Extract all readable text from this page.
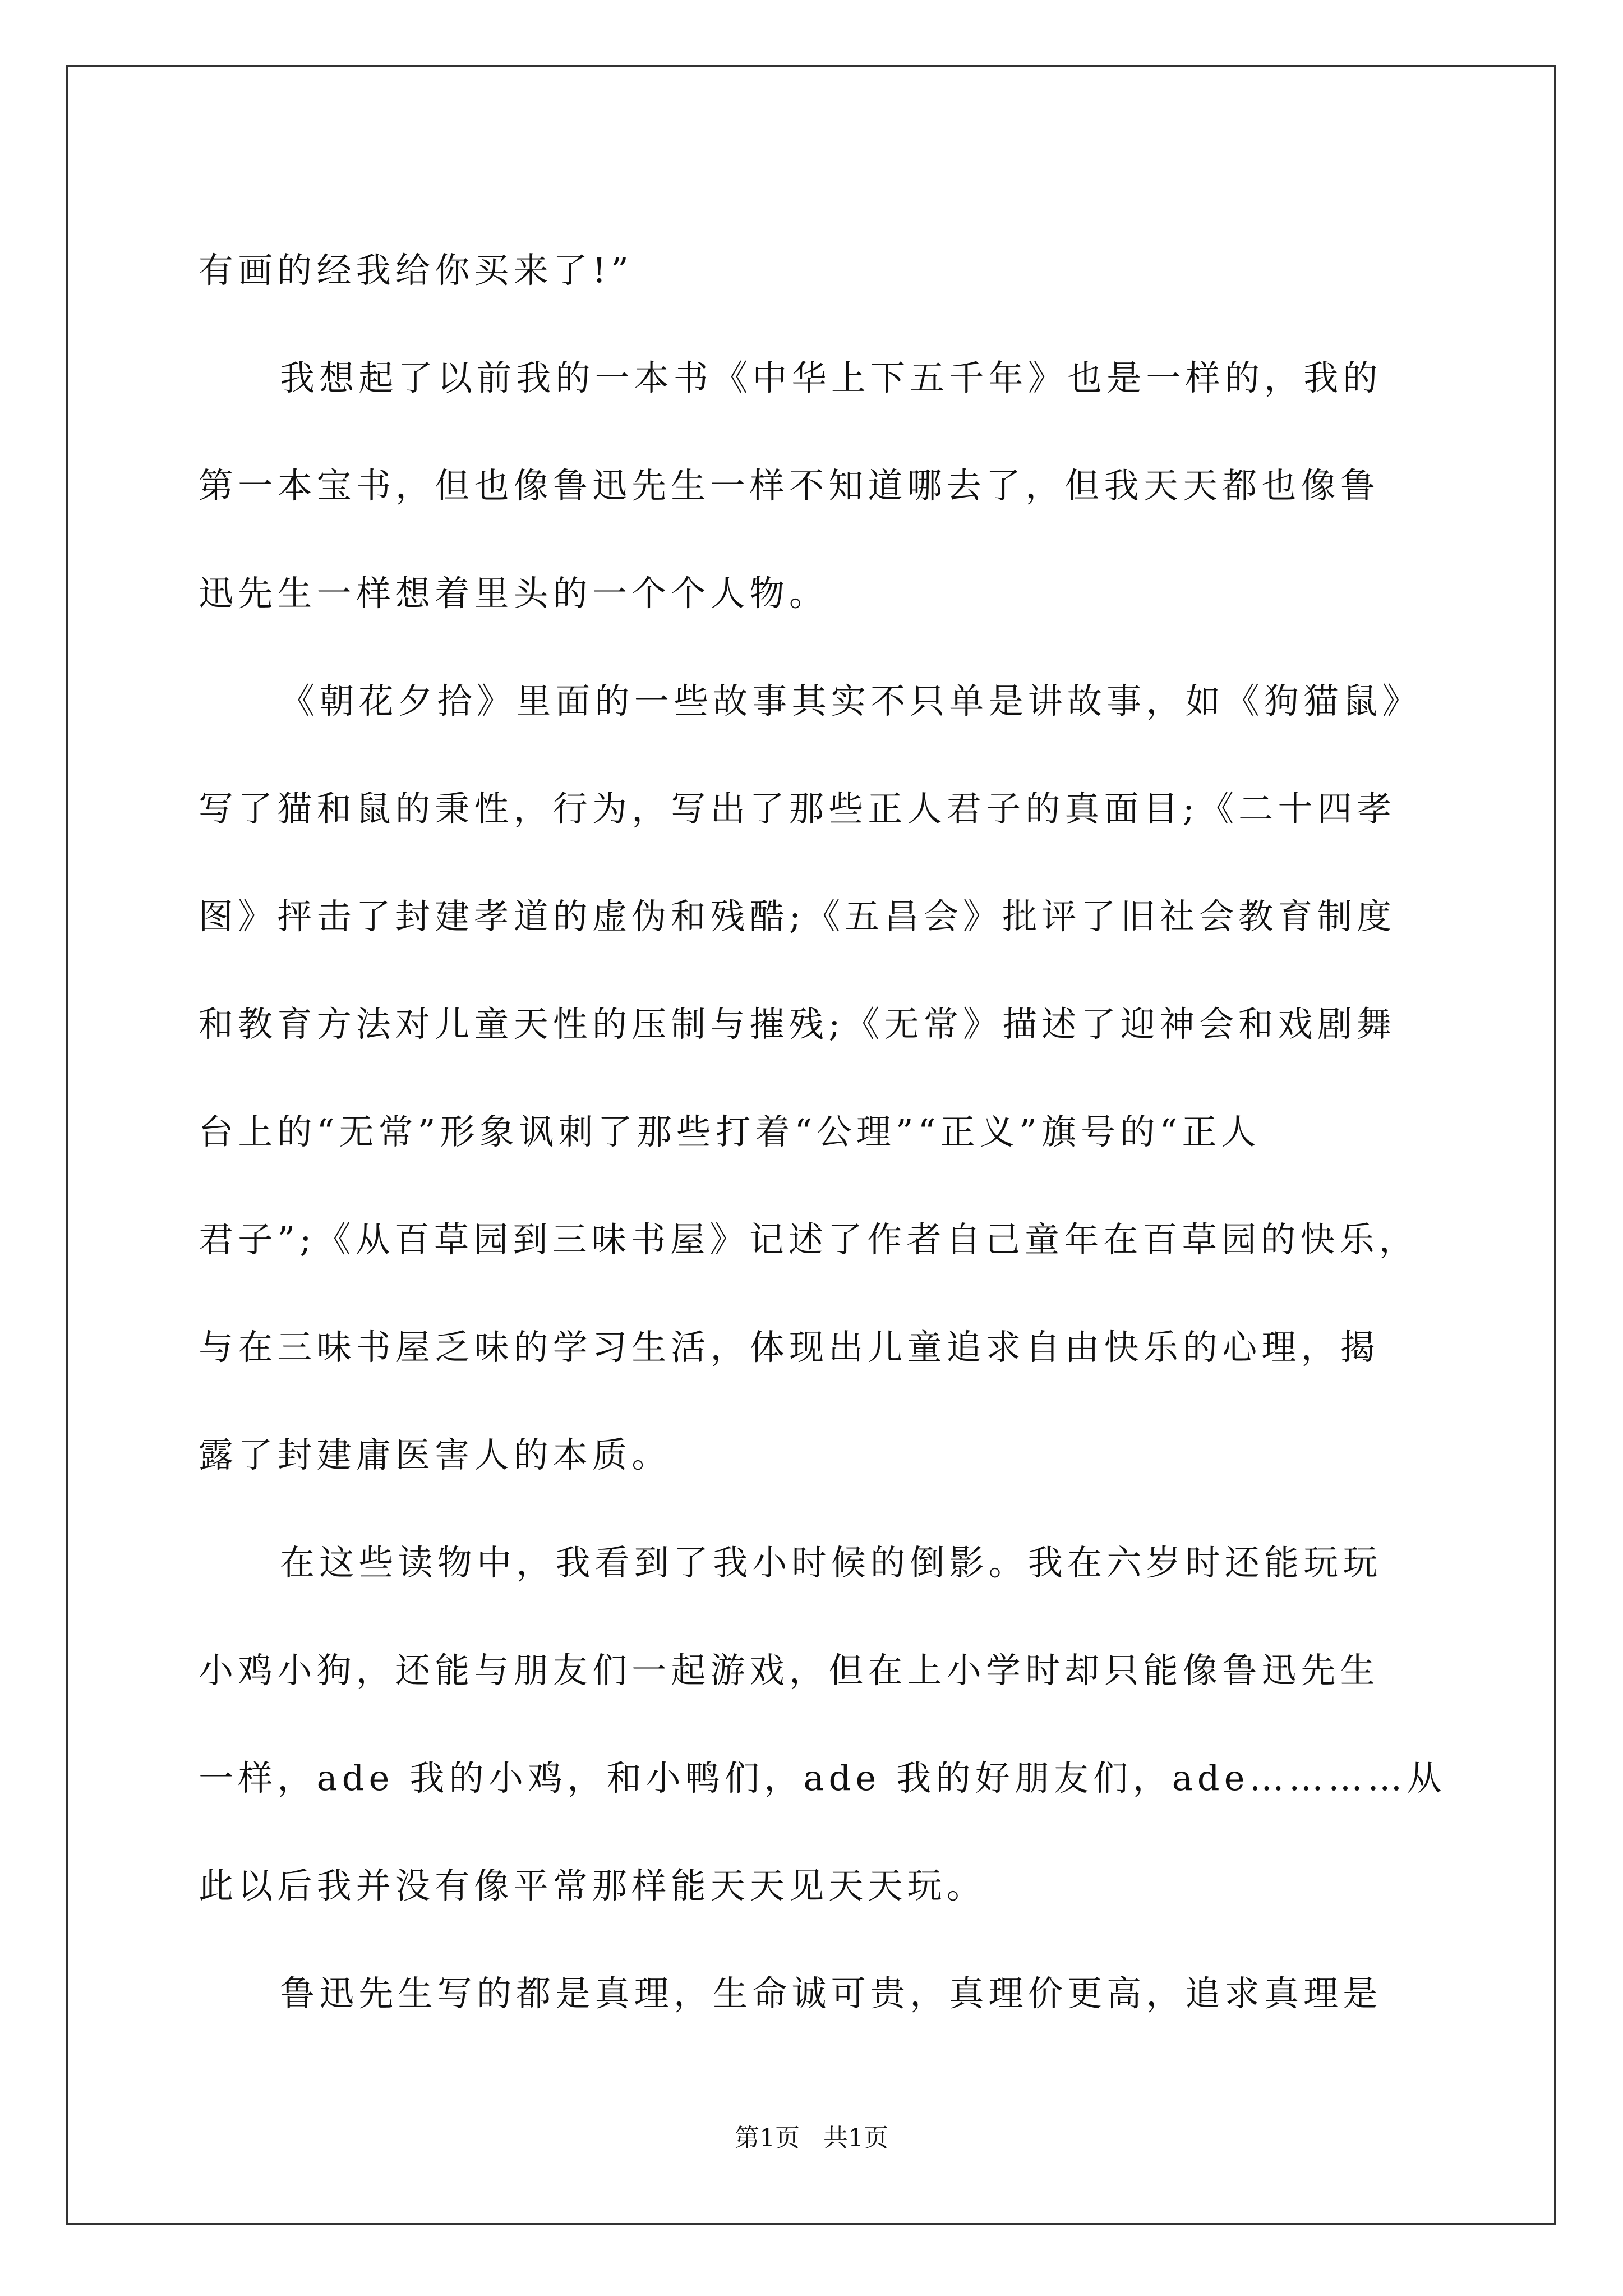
有画的经我给你买来了!”
我想起了以前我的一本书《中华上下五千年》也是一样的，我的
第一本宝书，但也像鲁迅先生一样不知道哪去了，但我天天都也像鲁
迅先生一样想着里头的一个个人物。
《朝花夕拾》里面的一些故事其实不只单是讲故事，如《狗猫鼠》
写了猫和鼠的秉性，行为，写出了那些正人君子的真面目;《二十四孝
图》抨击了封建孝道的虚伪和残酷;《五昌会》批评了旧社会教育制度
和教育方法对儿童天性的压制与摧残;《无常》描述了迎神会和戏剧舞
台上的“无常”形象讽刺了那些打着“公理”“正义”旗号的“正人
君子”;《从百草园到三味书屋》记述了作者自己童年在百草园的快乐，
与在三味书屋乏味的学习生活，体现出儿童追求自由快乐的心理，揭
露了封建庸医害人的本质。
在这些读物中，我看到了我小时候的倒影。我在六岁时还能玩玩
小鸡小狗，还能与朋友们一起游戏，但在上小学时却只能像鲁迅先生
一样，ade 我的小鸡，和小鸭们，ade 我的好朋友们，ade…………从
此以后我并没有像平常那样能天天见天天玩。
鲁迅先生写的都是真理，生命诚可贵，真理价更高，追求真理是
第1页   共1页
